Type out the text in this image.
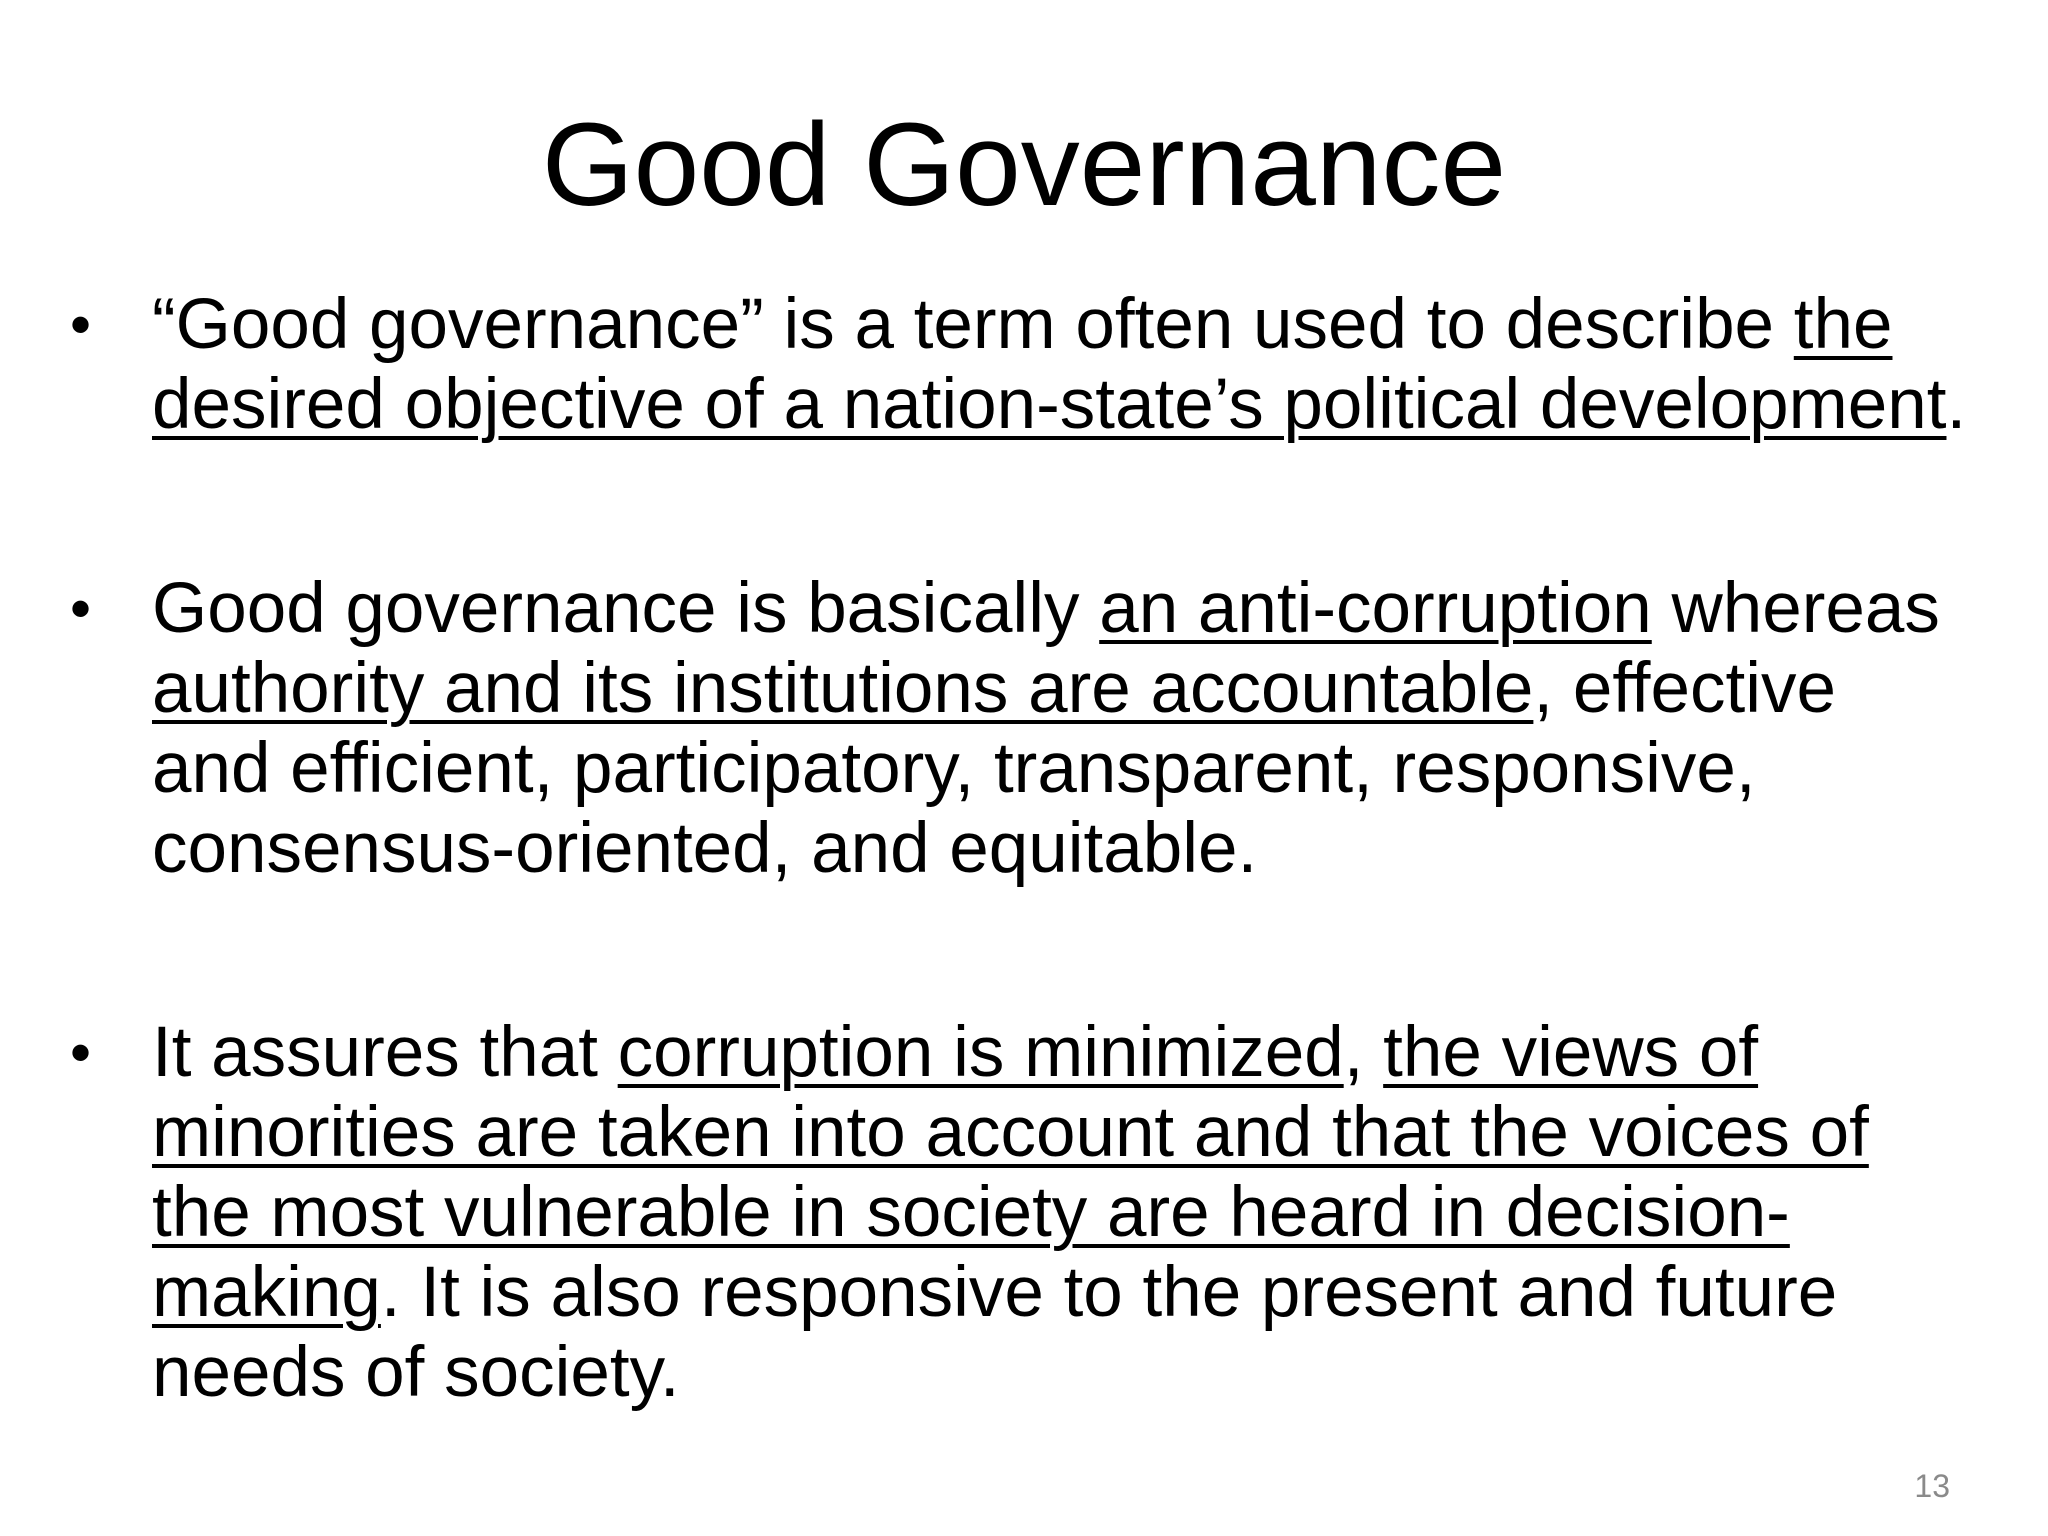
Good Governance
• “Good governance” is a term often used to describe the desired objective of a nation-state’s political development.
• Good governance is basically an anti-corruption whereas authority and its institutions are accountable, effective and efficient, participatory, transparent, responsive, consensus-oriented, and equitable.
• It assures that corruption is minimized, the views of minorities are taken into account and that the voices of the most vulnerable in society are heard in decision-making. It is also responsive to the present and future needs of society.
13
